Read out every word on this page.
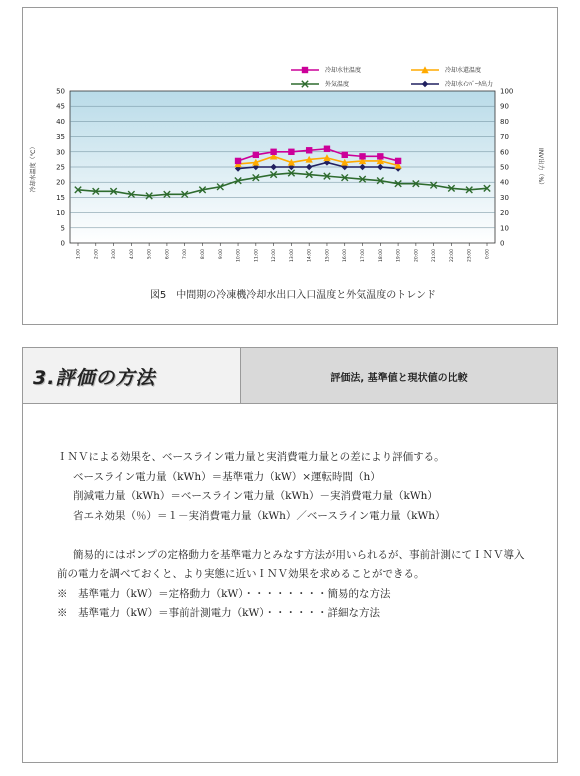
0
5
10
15
20
25
30
35
40
45
50
0
10
20
30
40
50
60
70
80
90
100
1:00	2:00	3:00	4:00	5:00	6:00	7:00	8:00	9:00	10:00	11:00	12:00	13:00	14:00	15:00	16:00	17:00	18:00	19:00	20:00	21:00	22:00	23:00	0:00
冷却水往温度	冷却水還温度
外気温度	冷却水ｲﾝﾊﾞｰﾀ出力
冷却水温度（℃）	INV出力（%）
図5　中間期の冷凍機冷却水出口入口温度と外気温度のトレンド
3.評価の方法	評価法, 基準値と現状値の比較
ＩＮＶによる効果を、ベースライン電力量と実消費電力量との差により評価する。
ベースライン電力量（kWh）＝基準電力（kW）×運転時間（h）
削減電力量（kWh）＝ベースライン電力量（kWh）－実消費電力量（kWh）
省エネ効果（％）＝１－実消費電力量（kWh）／ベースライン電力量（kWh）
簡易的にはポンプの定格動力を基準電力とみなす方法が用いられるが、事前計測にてＩＮＶ導入
前の電力を調べておくと、より実態に近いＩＮＶ効果を求めることができる。
※　基準電力（kW）＝定格動力（kW）・・・・・・・・簡易的な方法
※　基準電力（kW）＝事前計測電力（kW）・・・・・・詳細な方法
